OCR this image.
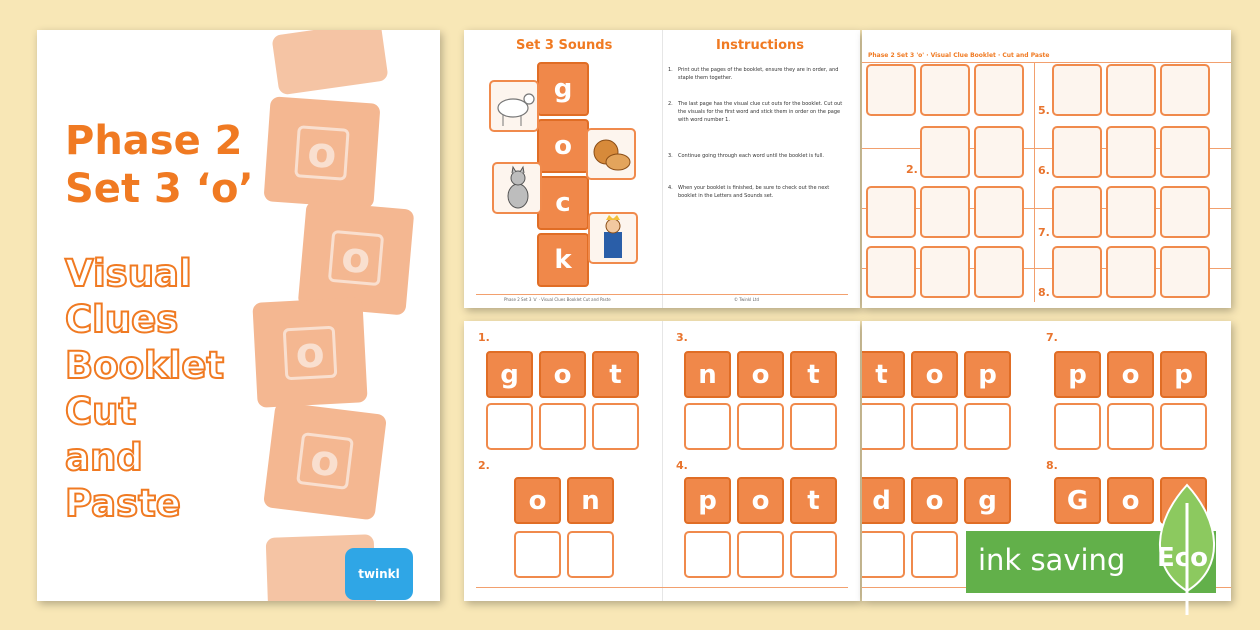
o
o
o
o
Phase 2
Set 3 ‘o’
Visual
Clues
Booklet
Cut
and
Paste
twinkl
Set 3 Sounds	Instructions
g
o
c
k
1. Print out the pages of the booklet, ensure they are in order, and staple them together.
2. The last page has the visual clue cut outs for the booklet. Cut out the visuals for the first word and stick them in order on the page with word number 1.
3. Continue going through each word until the booklet is full.
4. When your booklet is finished, be sure to check out the next booklet in the Letters and Sounds set.
Phase 2 Set 3 'o' · Visual Clues Booklet Cut and Paste	© Twinkl Ltd
Phase 2 Set 3 'o' · Visual Clue Booklet · Cut and Paste
2.
5.
6.
7.
8.
1.
g	o	t
2.
o	n
3.
n	o	t
4.
p	o	t
t	o	p
7.
p	o	p
d	o	g
8.
G	o
ink saving Eco
